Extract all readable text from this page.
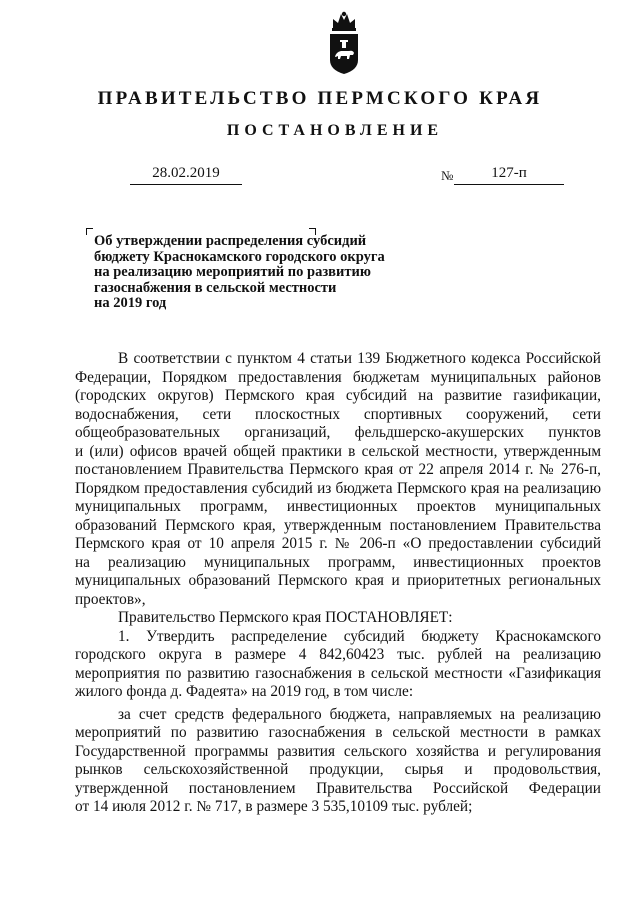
ПРАВИТЕЛЬСТВО ПЕРМСКОГО КРАЯ
ПОСТАНОВЛЕНИЕ
28.02.2019	№	127-п
Об утверждении распределения субсидий
бюджету Краснокамского городского округа
на реализацию мероприятий по развитию
газоснабжения в сельской местности
на 2019 год
В соответствии с пунктом 4 статьи 139 Бюджетного кодекса Российской
Федерации, Порядком предоставления бюджетам муниципальных районов
(городских округов) Пермского края субсидий на развитие газификации,
водоснабжения, сети плоскостных спортивных сооружений, сети
общеобразовательных организаций, фельдшерско-акушерских пунктов
и (или) офисов врачей общей практики в сельской местности, утвержденным
постановлением Правительства Пермского края от 22 апреля 2014 г. № 276-п,
Порядком предоставления субсидий из бюджета Пермского края на реализацию
муниципальных программ, инвестиционных проектов муниципальных
образований Пермского края, утвержденным постановлением Правительства
Пермского края от 10 апреля 2015 г. № 206-п «О предоставлении субсидий
на реализацию муниципальных программ, инвестиционных проектов
муниципальных образований Пермского края и приоритетных региональных
проектов»,
Правительство Пермского края ПОСТАНОВЛЯЕТ:
1. Утвердить распределение субсидий бюджету Краснокамского
городского округа в размере 4 842,60423 тыс. рублей на реализацию
мероприятия по развитию газоснабжения в сельской местности «Газификация
жилого фонда д. Фадеята» на 2019 год, в том числе:
за счет средств федерального бюджета, направляемых на реализацию
мероприятий по развитию газоснабжения в сельской местности в рамках
Государственной программы развития сельского хозяйства и регулирования
рынков сельскохозяйственной продукции, сырья и продовольствия,
утвержденной постановлением Правительства Российской Федерации
от 14 июля 2012 г. № 717, в размере 3 535,10109 тыс. рублей;
